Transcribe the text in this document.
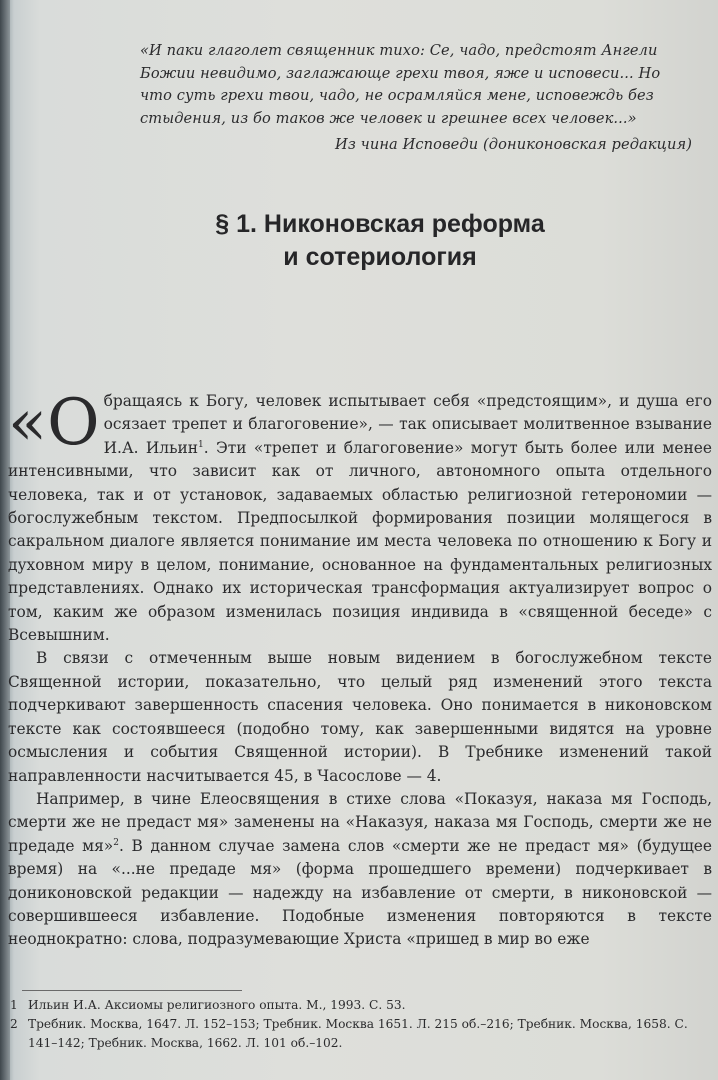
«И паки глаголет священник тихо: Се, чадо, предстоят Ангели Божии невидимо, заглажающе грехи твоя, яже и исповеси... Но что суть грехи твои, чадо, не осрамляйся мене, исповеждь без стыдения, из бо таков же человек и грешнее всех человек...»
Из чина Исповеди (дониконовская редакция)
§ 1. Никоновская реформа
и сотериология

«Обращаясь к Богу, человек испытывает себя «предстоящим», и душа его осязает трепет и благоговение», — так описывает молитвенное взывание И.А. Ильин$^1$. Эти «трепет и благоговение» могут быть более или менее интенсивными, что зависит как от личного, автономного опыта отдельного человека, так и от установок, задаваемых областью религиозной гетерономии — богослужебным текстом. Предпосылкой формирования позиции молящегося в сакральном диалоге является понимание им места человека по отношению к Богу и духовном миру в целом, понимание, основанное на фундаментальных религиозных представлениях. Однако их историческая трансформация актуализирует вопрос о том, каким же образом изменилась позиция индивида в «священной беседе» с Всевышним.

В связи с отмеченным выше новым видением в богослужебном тексте Священной истории, показательно, что целый ряд изменений этого текста подчеркивают завершенность спасения человека. Оно понимается в никоновском тексте как состоявшееся (подобно тому, как завершенными видятся на уровне осмысления и события Священной истории). В Требнике изменений такой направленности насчитывается 45, в Часослове — 4.

Например, в чине Елеосвящения в стихе слова «Показуя, наказа мя Господь, смерти же не предаст мя» заменены на «Наказуя, наказа мя Господь, смерти же не предаде мя»$^2$. В данном случае замена слов «смерти же не предаст мя» (будущее время) на «...не предаде мя» (форма прошедшего времени) подчеркивает в дониконовской редакции — надежду на избавление от смерти, в никоновской — совершившееся избавление. Подобные изменения повторяются в тексте неоднократно: слова, подразумевающие Христа «пришед в мир во еже

1 Ильин И.А. Аксиомы религиозного опыта. М., 1993. С. 53.
2 Требник. Москва, 1647. Л. 152–153; Требник. Москва 1651. Л. 215 об.–216; Требник. Москва, 1658. С. 141–142; Требник. Москва, 1662. Л. 101 об.–102.
